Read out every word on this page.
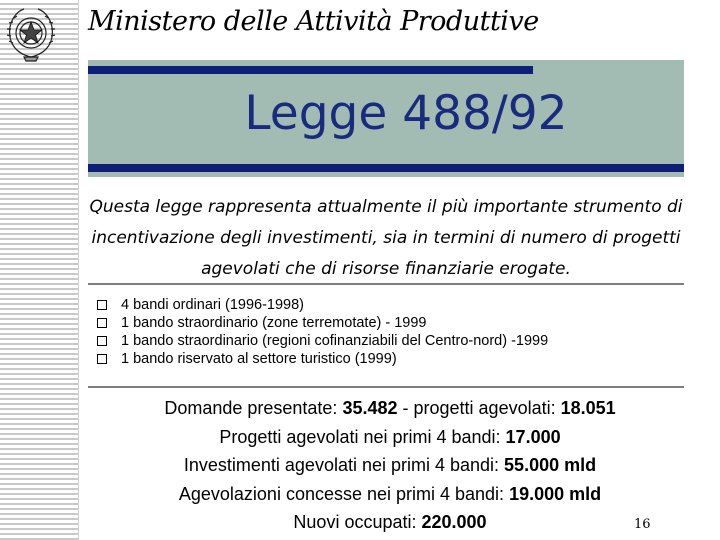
Ministero delle Attività Produttive
Legge 488/92
Questa legge rappresenta attualmente il più importante strumento di incentivazione degli investimenti, sia in termini di numero di progetti agevolati che di risorse finanziarie erogate.
4 bandi ordinari (1996-1998)
1 bando straordinario (zone terremotate) - 1999
1 bando straordinario (regioni cofinanziabili del Centro-nord) -1999
1 bando riservato al settore turistico (1999)
Domande presentate: 35.482 - progetti agevolati: 18.051
Progetti agevolati nei primi 4 bandi: 17.000
Investimenti agevolati nei primi 4 bandi: 55.000 mld
Agevolazioni concesse nei primi 4 bandi: 19.000 mld
Nuovi occupati: 220.000	16
